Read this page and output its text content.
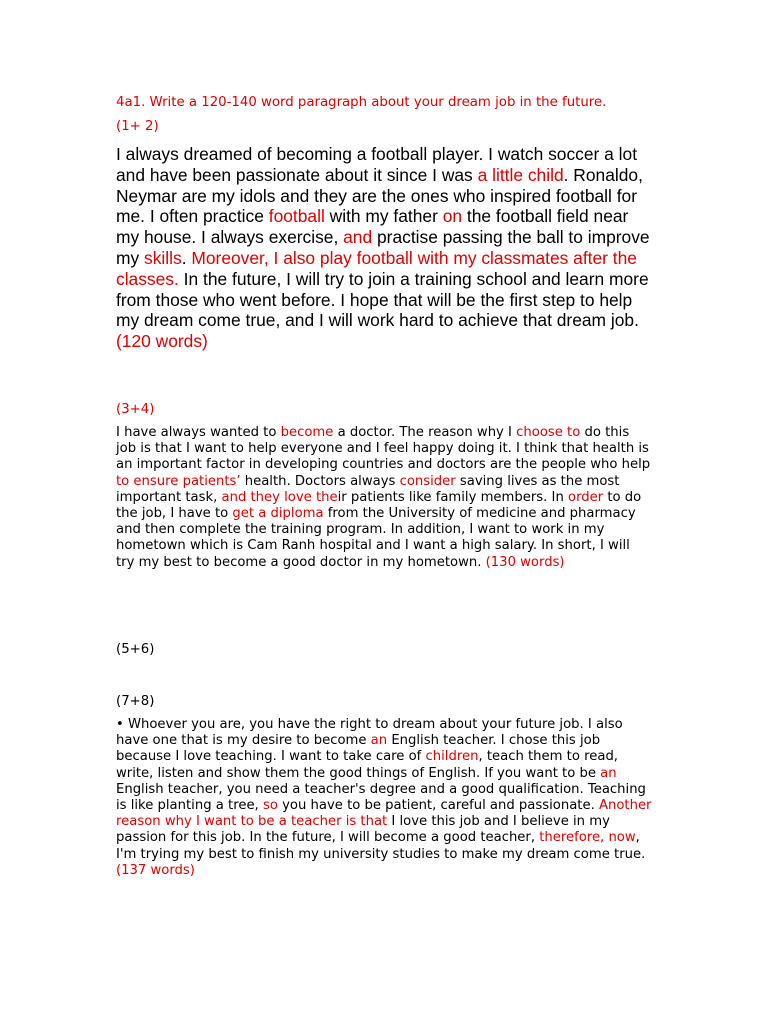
4a1. Write a 120-140 word paragraph about your dream job in the future.

(1+ 2)

I always dreamed of becoming a football player. I watch soccer a lot and have been passionate about it since I was a little child. Ronaldo, Neymar are my idols and they are the ones who inspired football for me. I often practice football with my father on the football field near my house. I always exercise, and practise passing the ball to improve my skills. Moreover, I also play football with my classmates after the classes. In the future, I will try to join a training school and learn more from those who went before. I hope that will be the first step to help my dream come true, and I will work hard to achieve that dream job. (120 words)

(3+4)

I have always wanted to become a doctor. The reason why I choose to do this job is that I want to help everyone and I feel happy doing it. I think that health is an important factor in developing countries and doctors are the people who help to ensure patients’ health. Doctors always consider saving lives as the most important task, and they love their patients like family members. In order to do the job, I have to get a diploma from the University of medicine and pharmacy and then complete the training program. In addition, I want to work in my hometown which is Cam Ranh hospital and I want a high salary. In short, I will try my best to become a good doctor in my hometown. (130 words)

(5+6)

(7+8)

• Whoever you are, you have the right to dream about your future job. I also have one that is my desire to become an English teacher. I chose this job because I love teaching. I want to take care of children, teach them to read, write, listen and show them the good things of English. If you want to be an English teacher, you need a teacher's degree and a good qualification. Teaching is like planting a tree, so you have to be patient, careful and passionate. Another reason why I want to be a teacher is that I love this job and I believe in my passion for this job. In the future, I will become a good teacher, therefore, now, I'm trying my best to finish my university studies to make my dream come true. (137 words)
